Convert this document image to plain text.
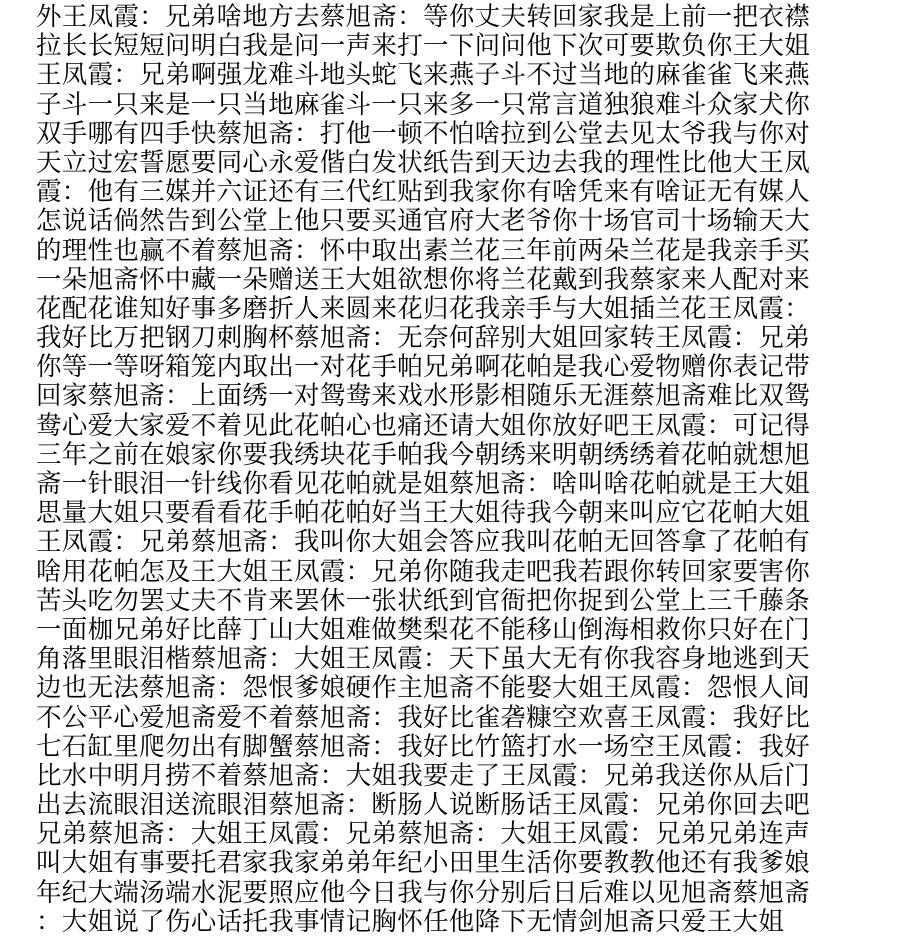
外王凤霞：兄弟啥地方去蔡旭斋：等你丈夫转回家我是上前一把衣襟
拉长长短短问明白我是问一声来打一下问问他下次可要欺负你王大姐
王凤霞：兄弟啊强龙难斗地头蛇飞来燕子斗不过当地的麻雀雀飞来燕
子斗一只来是一只当地麻雀斗一只来多一只常言道独狼难斗众家犬你
双手哪有四手快蔡旭斋：打他一顿不怕啥拉到公堂去见太爷我与你对
天立过宏誓愿要同心永爱偕白发状纸告到天边去我的理性比他大王凤
霞：他有三媒并六证还有三代红贴到我家你有啥凭来有啥证无有媒人
怎说话倘然告到公堂上他只要买通官府大老爷你十场官司十场输天大
的理性也赢不着蔡旭斋：怀中取出素兰花三年前两朵兰花是我亲手买
一朵旭斋怀中藏一朵赠送王大姐欲想你将兰花戴到我蔡家来人配对来
花配花谁知好事多磨折人来圆来花归花我亲手与大姐插兰花王凤霞：
我好比万把钢刀刺胸杯蔡旭斋：无奈何辞别大姐回家转王凤霞：兄弟
你等一等呀箱笼内取出一对花手帕兄弟啊花帕是我心爱物赠你表记带
回家蔡旭斋：上面绣一对鸳鸯来戏水形影相随乐无涯蔡旭斋难比双鸳
鸯心爱大家爱不着见此花帕心也痛还请大姐你放好吧王凤霞：可记得
三年之前在娘家你要我绣块花手帕我今朝绣来明朝绣绣着花帕就想旭
斋一针眼泪一针线你看见花帕就是姐蔡旭斋：啥叫啥花帕就是王大姐
思量大姐只要看看花手帕花帕好当王大姐待我今朝来叫应它花帕大姐
王凤霞：兄弟蔡旭斋：我叫你大姐会答应我叫花帕无回答拿了花帕有
啥用花帕怎及王大姐王凤霞：兄弟你随我走吧我若跟你转回家要害你
苦头吃勿罢丈夫不肯来罢休一张状纸到官衙把你捉到公堂上三千藤条
一面枷兄弟好比薛丁山大姐难做樊梨花不能移山倒海相救你只好在门
角落里眼泪楷蔡旭斋：大姐王凤霞：天下虽大无有你我容身地逃到天
边也无法蔡旭斋：怨恨爹娘硬作主旭斋不能娶大姐王凤霞：怨恨人间
不公平心爱旭斋爱不着蔡旭斋：我好比雀砻糠空欢喜王凤霞：我好比
七石缸里爬勿出有脚蟹蔡旭斋：我好比竹篮打水一场空王凤霞：我好
比水中明月捞不着蔡旭斋：大姐我要走了王凤霞：兄弟我送你从后门
出去流眼泪送流眼泪蔡旭斋：断肠人说断肠话王凤霞：兄弟你回去吧
兄弟蔡旭斋：大姐王凤霞：兄弟蔡旭斋：大姐王凤霞：兄弟兄弟连声
叫大姐有事要托君家我家弟弟年纪小田里生活你要教教他还有我爹娘
年纪大端汤端水泥要照应他今日我与你分别后日后难以见旭斋蔡旭斋
：大姐说了伤心话托我事情记胸怀任他降下无情剑旭斋只爱王大姐
